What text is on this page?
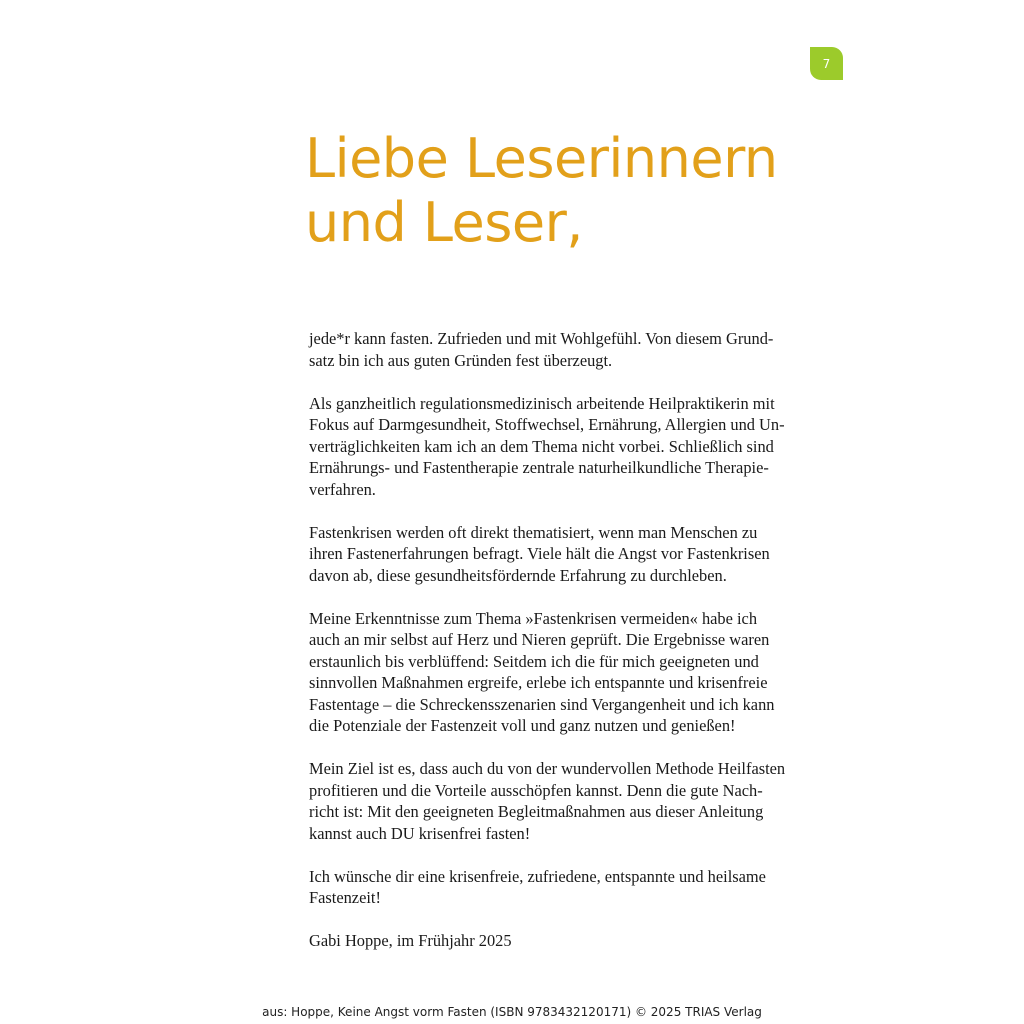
7
Liebe Leserinnern
und Leser,

jede*r kann fasten. Zufrieden und mit Wohlgefühl. Von diesem Grund-
satz bin ich aus guten Gründen fest überzeugt.

Als ganzheitlich regulationsmedizinisch arbeitende Heilpraktikerin mit
Fokus auf Darmgesundheit, Stoffwechsel, Ernährung, Allergien und Un-
verträglichkeiten kam ich an dem Thema nicht vorbei. Schließlich sind
Ernährungs- und Fastentherapie zentrale naturheilkundliche Therapie-
verfahren.

Fastenkrisen werden oft direkt thematisiert, wenn man Menschen zu
ihren Fastenerfahrungen befragt. Viele hält die Angst vor Fastenkrisen
davon ab, diese gesundheitsfördernde Erfahrung zu durchleben.

Meine Erkenntnisse zum Thema »Fastenkrisen vermeiden« habe ich
auch an mir selbst auf Herz und Nieren geprüft. Die Ergebnisse waren
erstaunlich bis verblüffend: Seitdem ich die für mich geeigneten und
sinnvollen Maßnahmen ergreife, erlebe ich entspannte und krisenfreie
Fastentage – die Schreckensszenarien sind Vergangenheit und ich kann
die Potenziale der Fastenzeit voll und ganz nutzen und genießen!

Mein Ziel ist es, dass auch du von der wundervollen Methode Heilfasten
profitieren und die Vorteile ausschöpfen kannst. Denn die gute Nach-
richt ist: Mit den geeigneten Begleitmaßnahmen aus dieser Anleitung
kannst auch DU krisenfrei fasten!

Ich wünsche dir eine krisenfreie, zufriedene, entspannte und heilsame
Fastenzeit!

Gabi Hoppe, im Frühjahr 2025

aus: Hoppe, Keine Angst vorm Fasten (ISBN 9783432120171) © 2025 TRIAS Verlag
